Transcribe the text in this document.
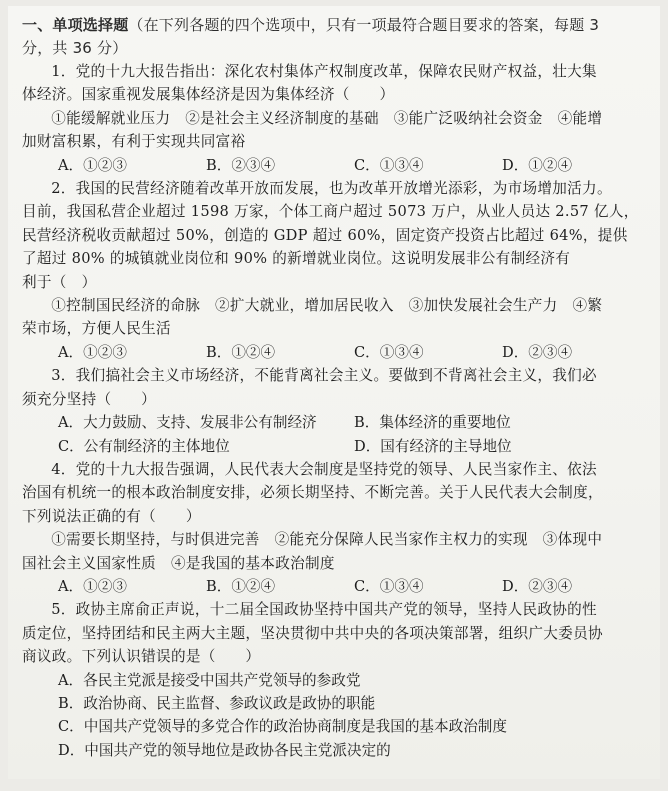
一、单项选择题（在下列各题的四个选项中，只有一项最符合题目要求的答案，每题 3
分，共 36 分）

1．党的十九大报告指出：深化农村集体产权制度改革，保障农民财产权益，壮大集

体经济。国家重视发展集体经济是因为集体经济（　　）

①能缓解就业压力　②是社会主义经济制度的基础　③能广泛吸纳社会资金　④能增

加财富积累，有利于实现共同富裕

A．①②③	B．②③④	C．①③④	D．①②④

2．我国的民营经济随着改革开放而发展，也为改革开放增光添彩，为市场增加活力。

目前，我国私营企业超过 1598 万家，个体工商户超过 5073 万户，从业人员达 2.57 亿人，

民营经济税收贡献超过 50%，创造的 GDP 超过 60%，固定资产投资占比超过 64%，提供

了超过 80% 的城镇就业岗位和 90% 的新增就业岗位。这说明发展非公有制经济有

利于（　）

①控制国民经济的命脉　②扩大就业，增加居民收入　③加快发展社会生产力　④繁

荣市场，方便人民生活

A．①②③	B．①②④	C．①③④	D．②③④

3．我们搞社会主义市场经济，不能背离社会主义。要做到不背离社会主义，我们必

须充分坚持（　　）

A．大力鼓励、支持、发展非公有制经济	B．集体经济的重要地位
C．公有制经济的主体地位	D．国有经济的主导地位

4．党的十九大报告强调，人民代表大会制度是坚持党的领导、人民当家作主、依法

治国有机统一的根本政治制度安排，必须长期坚持、不断完善。关于人民代表大会制度，

下列说法正确的有（　　）

①需要长期坚持，与时俱进完善　②能充分保障人民当家作主权力的实现　③体现中

国社会主义国家性质　④是我国的基本政治制度

A．①②③	B．①②④	C．①③④	D．②③④

5．政协主席俞正声说，十二届全国政协坚持中国共产党的领导，坚持人民政协的性

质定位，坚持团结和民主两大主题，坚决贯彻中共中央的各项决策部署，组织广大委员协

商议政。下列认识错误的是（　　）

A．各民主党派是接受中国共产党领导的参政党

B．政治协商、民主监督、参政议政是政协的职能

C．中国共产党领导的多党合作的政治协商制度是我国的基本政治制度

D．中国共产党的领导地位是政协各民主党派决定的
